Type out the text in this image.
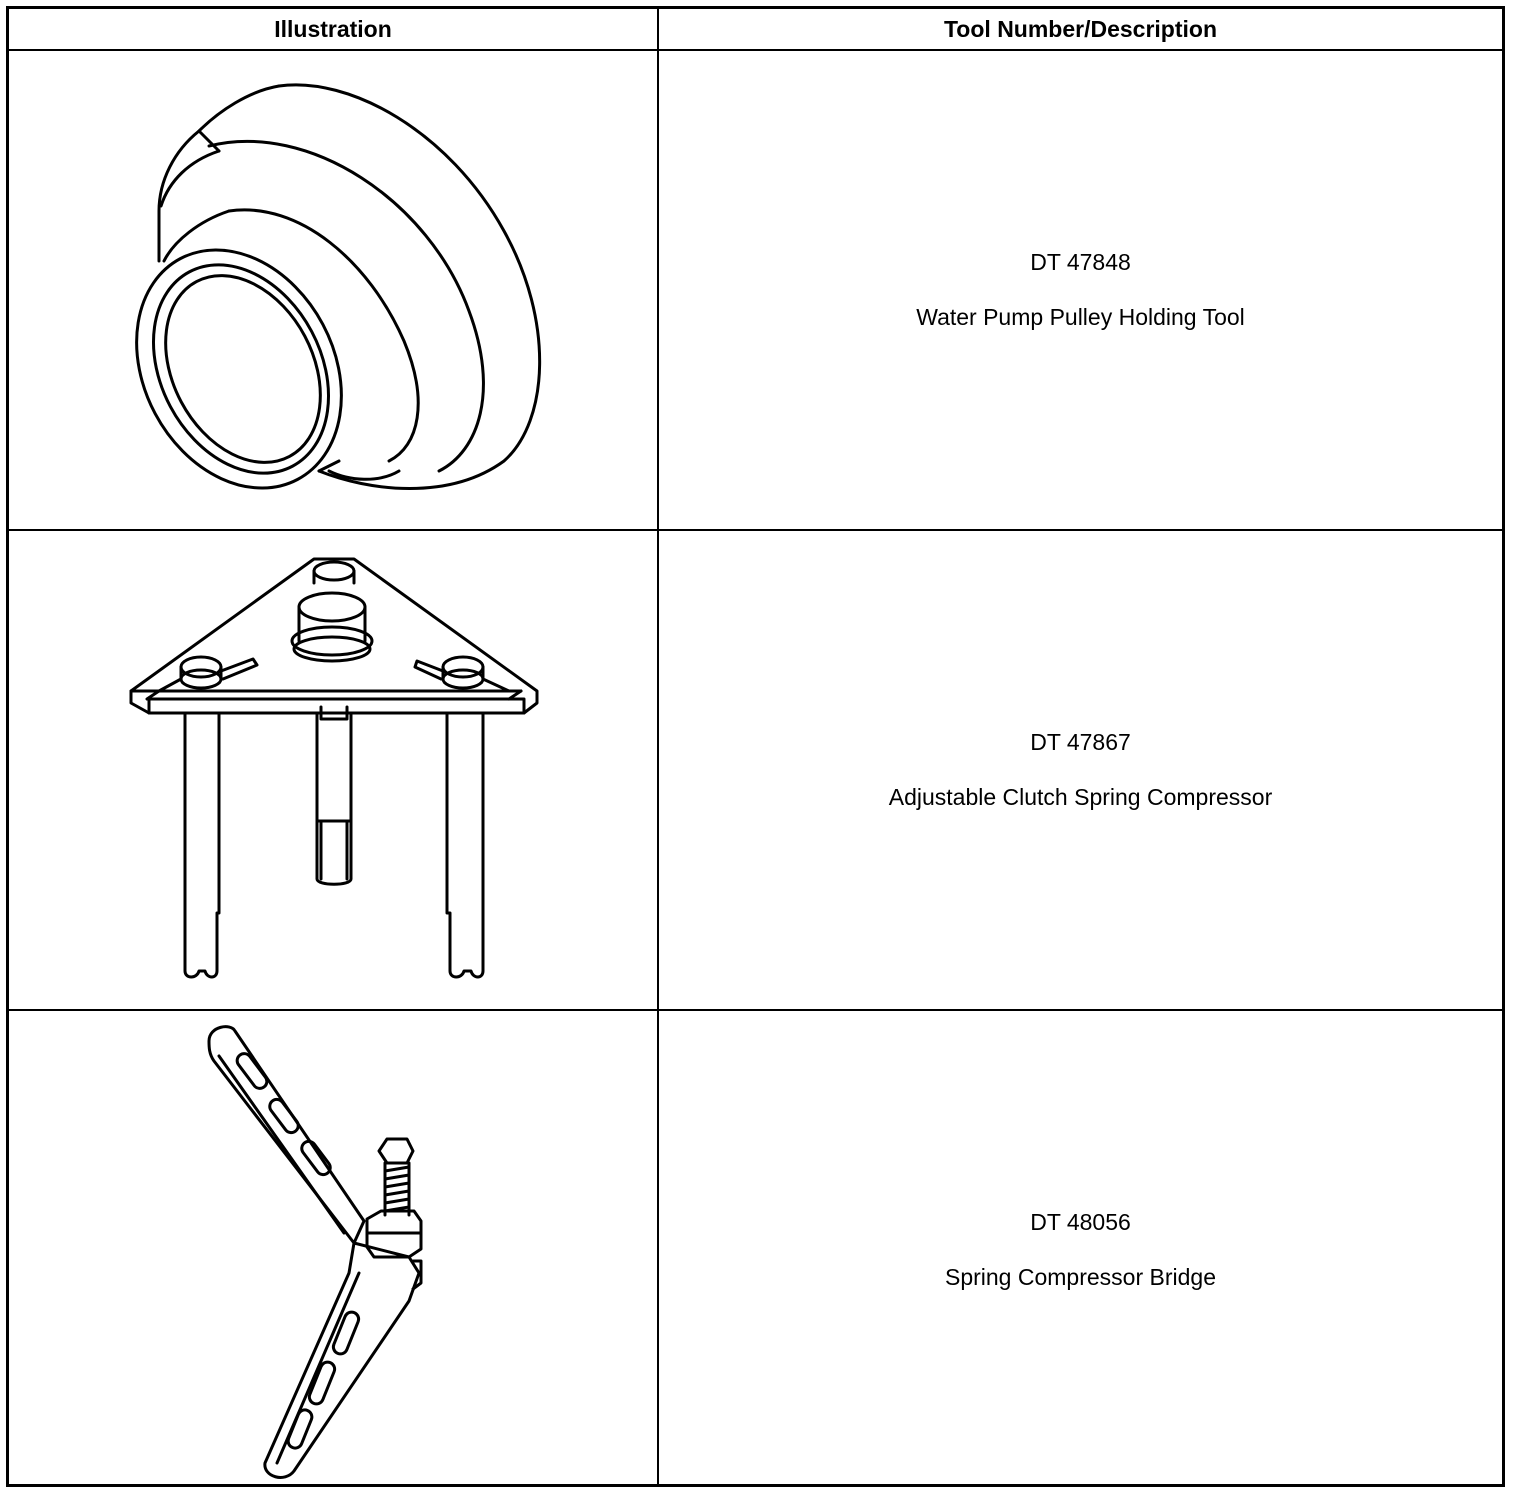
Illustration	Tool Number/Description
DT 47848
Water Pump Pulley Holding Tool
DT 47867
Adjustable Clutch Spring Compressor
DT 48056
Spring Compressor Bridge
